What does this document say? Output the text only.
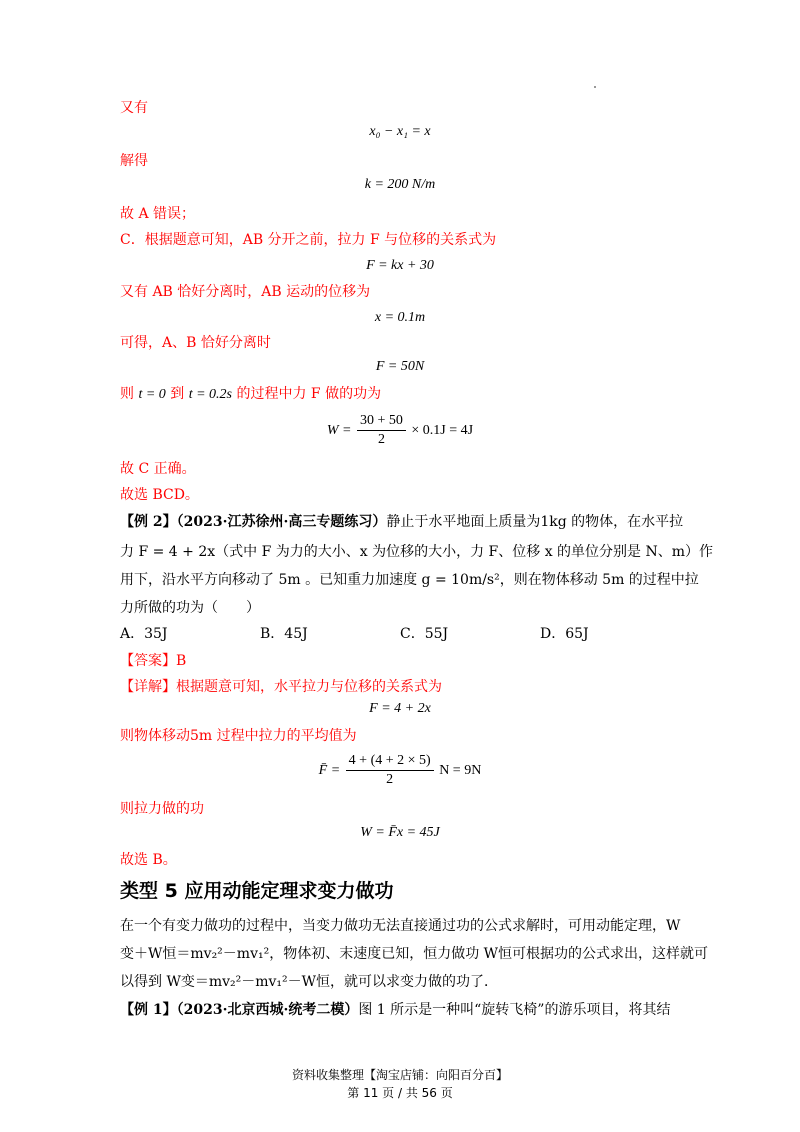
又有
x₀ − x₁ = x
解得
k = 200 N/m
故 A 错误；
C．根据题意可知，AB 分开之前，拉力 F 与位移的关系式为
F = kx + 30
又有 AB 恰好分离时，AB 运动的位移为
x = 0.1m
可得，A、B 恰好分离时
F = 50N
则 t = 0 到 t = 0.2s 的过程中力 F 做的功为
$W = \frac{30 + 50}{2} \times 0.1J = 4J$
故 C 正确。
故选 BCD。
【例 2】（2023·江苏徐州·高三专题练习）静止于水平地面上质量为1kg 的物体，在水平拉
力 F = 4 + 2x（式中 F 为力的大小、x 为位移的大小，力 F、位移 x 的单位分别是 N、m）作
用下，沿水平方向移动了 5m 。已知重力加速度 g = 10m/s²，则在物体移动 5m 的过程中拉
力所做的功为（　　）
A．35J	B．45J	C．55J	D．65J
【答案】B
【详解】根据题意可知，水平拉力与位移的关系式为
F = 4 + 2x
则物体移动5m 过程中拉力的平均值为
F̄ = $\frac{4 + (4 + 2 \times 5)}{2}$ N = 9N
则拉力做的功
W = F̄x = 45J
故选 B。
类型 5 应用动能定理求变力做功
在一个有变力做功的过程中，当变力做功无法直接通过功的公式求解时，可用动能定理，W
变＋W恒＝mv₂²－mv₁²，物体初、末速度已知，恒力做功 W恒可根据功的公式求出，这样就可
以得到 W变＝mv₂²－mv₁²－W恒，就可以求变力做的功了．
【例 1】（2023·北京西城·统考二模）图 1 所示是一种叫“旋转飞椅”的游乐项目，将其结
资料收集整理【淘宝店铺：向阳百分百】
第 11 页 / 共 56 页
